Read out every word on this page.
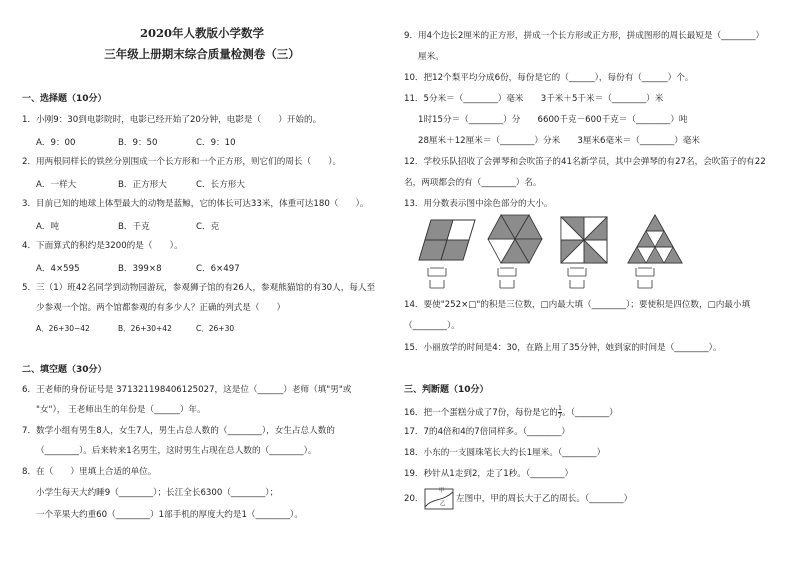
2020年人教版小学数学
三年级上册期末综合质量检测卷（三）
一、选择题（10分）
1．小刚9：30到电影院时，电影已经开始了20分钟，电影是（　　）开始的。
A．9：00	B．9：50	C．9：10
2．用两根同样长的铁丝分别围成一个长方形和一个正方形，则它们的周长（　　）。
A．一样大	B．正方形大	C．长方形大
3．目前已知的地球上体型最大的动物是蓝鲸，它的体长可达33米，体重可达180（　　）。
A．吨	B．千克	C．克
4．下面算式的积约是3200的是（　　）。
A．4×595	B．399×8	C．6×497
5．三（1）班42名同学到动物园游玩，参观狮子馆的有26人，参观熊猫馆的有30人，每人至
少参观一个馆。两个馆都参观的有多少人？正确的列式是（　　）
A．26+30−42	B．26+30+42	C．26+30
二、填空题（30分）
6．王老师的身份证号是 371321198406125027，这是位（______）老师（填"男"或
"女"）， 王老师出生的年份是（______）年。
7．数学小组有男生8人，女生7人，男生占总人数的（________），女生占总人数的
（________）。后来转来1名男生，这时男生占现在总人数的（________）。
8．在（　　）里填上合适的单位。
小学生每天大约睡9（________）；长江全长6300（________）；
一个苹果大约重60（________）1部手机的厚度大约是1（________）。
9．用4个边长2厘米的正方形，拼成一个长方形或正方形，拼成图形的周长最短是（________）
厘米。
10．把12个梨平均分成6份，每份是它的（______），每份有（______）个。
11．5分米＝（________）毫米　　3千米＋5千米＝（________）米
1时15分＝（________）分　　6600千克－600千克＝（________）吨
28厘米＋12厘米＝（________）分米　　3厘米6毫米＝（________）毫米
12．学校乐队招收了会弹琴和会吹笛子的41名新学员，其中会弹琴的有27名，会吹笛子的有22
名，两项都会的有（________）名。
13．用分数表示图中涂色部分的大小。
14．要使"252×□"的积是三位数，□内最大填（________）；要使积是四位数，□内最小填
（________）。
15．小丽放学的时间是4：30，在路上用了35分钟，她到家的时间是（________）。
三、判断题（10分）
16．把一个蛋糕分成了7份，每份是它的 $\frac{1}{7}$ 。（________）
17．7的4倍和4的7倍同样多。（________）
18．小东的一支圆珠笔长大约长1厘米。（________）
19．秒针从1走到2，走了1秒。（________）
20．
甲
乙 左图中，甲的周长大于乙的周长。（________）
